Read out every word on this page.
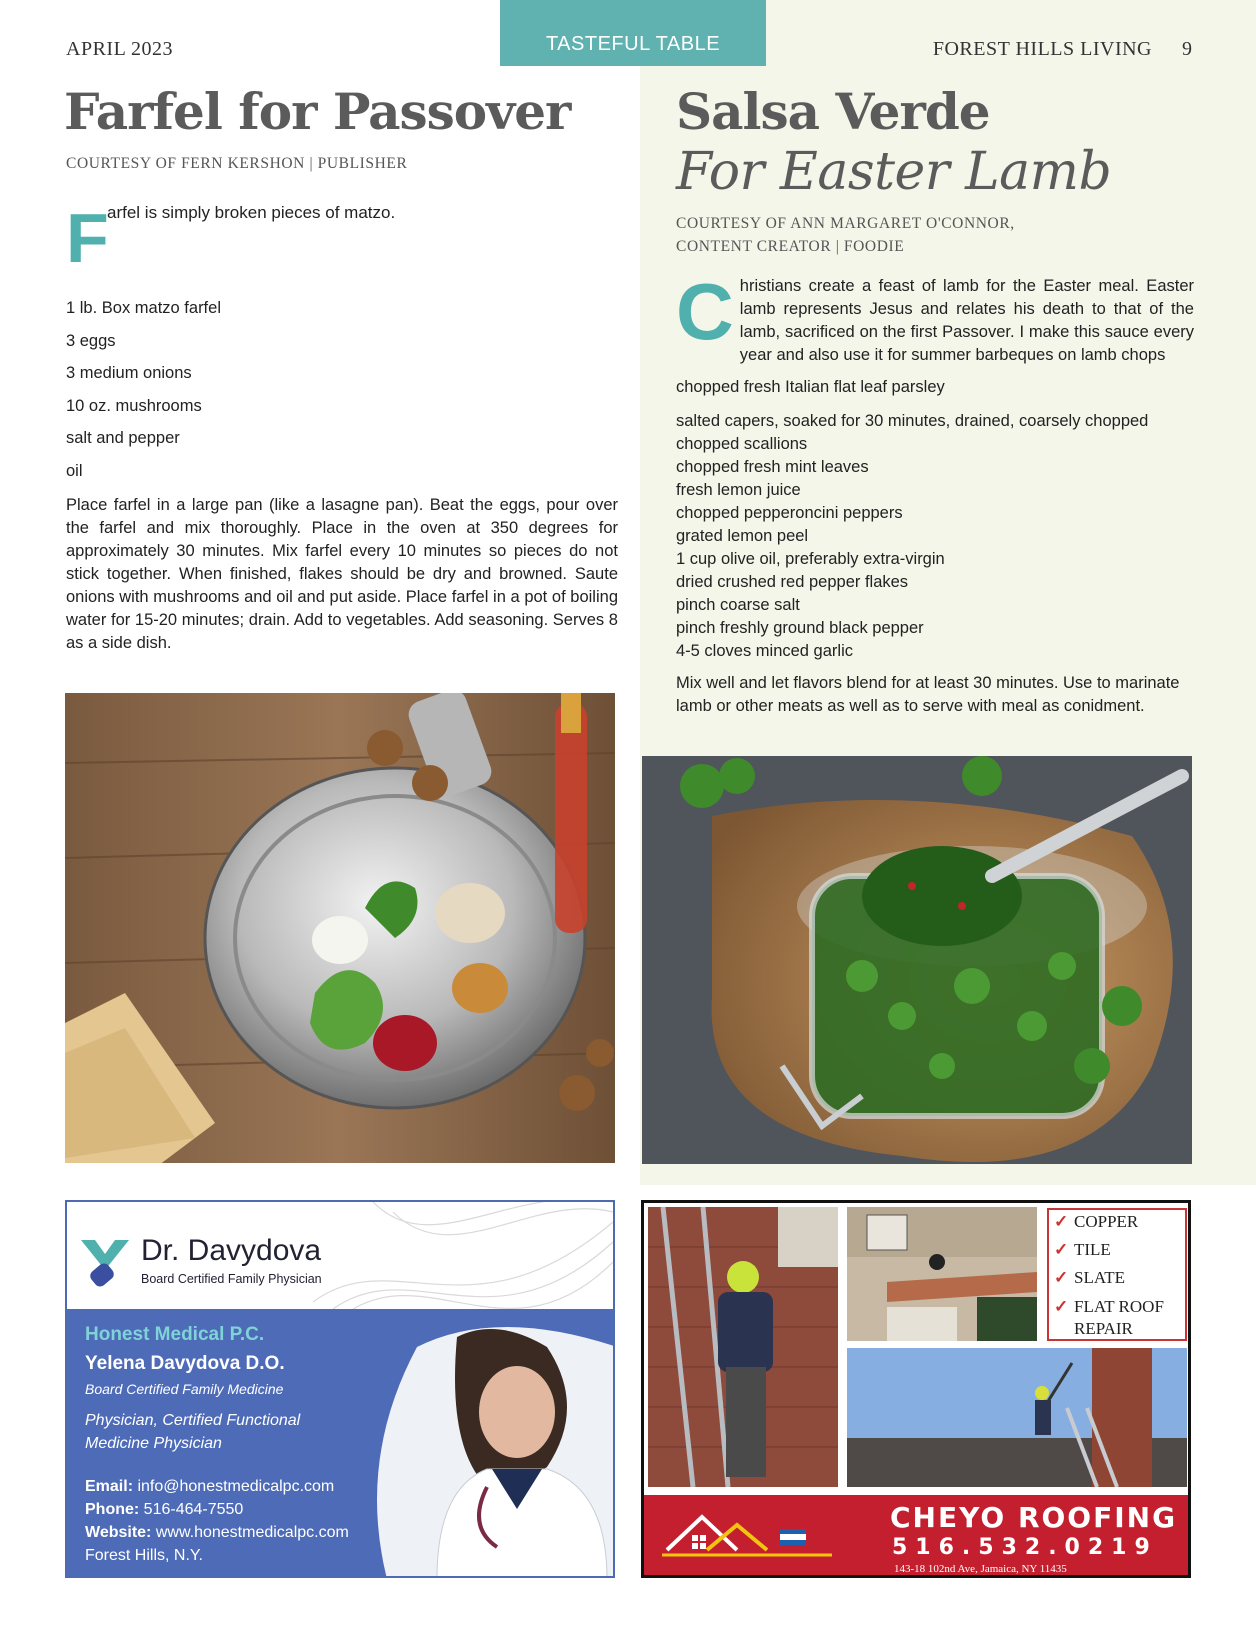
APRIL 2023	TASTEFUL TABLE	FOREST HILLS LIVING 9
Farfel for Passover
COURTESY OF FERN KERSHON | PUBLISHER
F
arfel is simply broken pieces of matzo.
1 lb. Box matzo farfel
3 eggs
3 medium onions
10 oz. mushrooms
salt and pepper
oil
Place farfel in a large pan (like a lasagne pan). Beat the eggs, pour over the farfel and mix thoroughly. Place in the oven at 350 degrees for approximately 30 minutes. Mix farfel every 10 minutes so pieces do not stick together. When finished, flakes should be dry and browned. Saute onions with mushrooms and oil and put aside. Place farfel in a pot of boiling water for 15-20 minutes; drain. Add to vegetables. Add seasoning. Serves 8 as a side dish.
Salsa Verde
For Easter Lamb
COURTESY OF ANN MARGARET O'CONNOR,
CONTENT CREATOR | FOODIE
C hristians create a feast of lamb for the Easter meal. Easter lamb represents Jesus and relates his death to that of the lamb, sacrificed on the first Passover. I make this sauce every year and also use it for summer barbeques on lamb chops
chopped fresh Italian flat leaf parsley
salted capers, soaked for 30 minutes, drained, coarsely chopped
chopped scallions
chopped fresh mint leaves
fresh lemon juice
chopped pepperoncini peppers
grated lemon peel
1 cup olive oil, preferably extra-virgin
dried crushed red pepper flakes
pinch coarse salt
pinch freshly ground black pepper
4-5 cloves minced garlic
Mix well and let flavors blend for at least 30 minutes. Use to marinate lamb or other meats as well as to serve with meal as conidment.
Dr. Davydova
Board Certified Family Physician
Honest Medical P.C.
Yelena Davydova D.O.
Board Certified Family Medicine
Physician, Certified Functional
Medicine Physician
Email: info@honestmedicalpc.com
Phone: 516-464-7550
Website: www.honestmedicalpc.com
Forest Hills, N.Y.
✓ COPPER
✓ TILE
✓ SLATE
✓ FLAT ROOF REPAIR
CHEYO ROOFING
516.532.0219
143-18 102nd Ave, Jamaica, NY 11435
